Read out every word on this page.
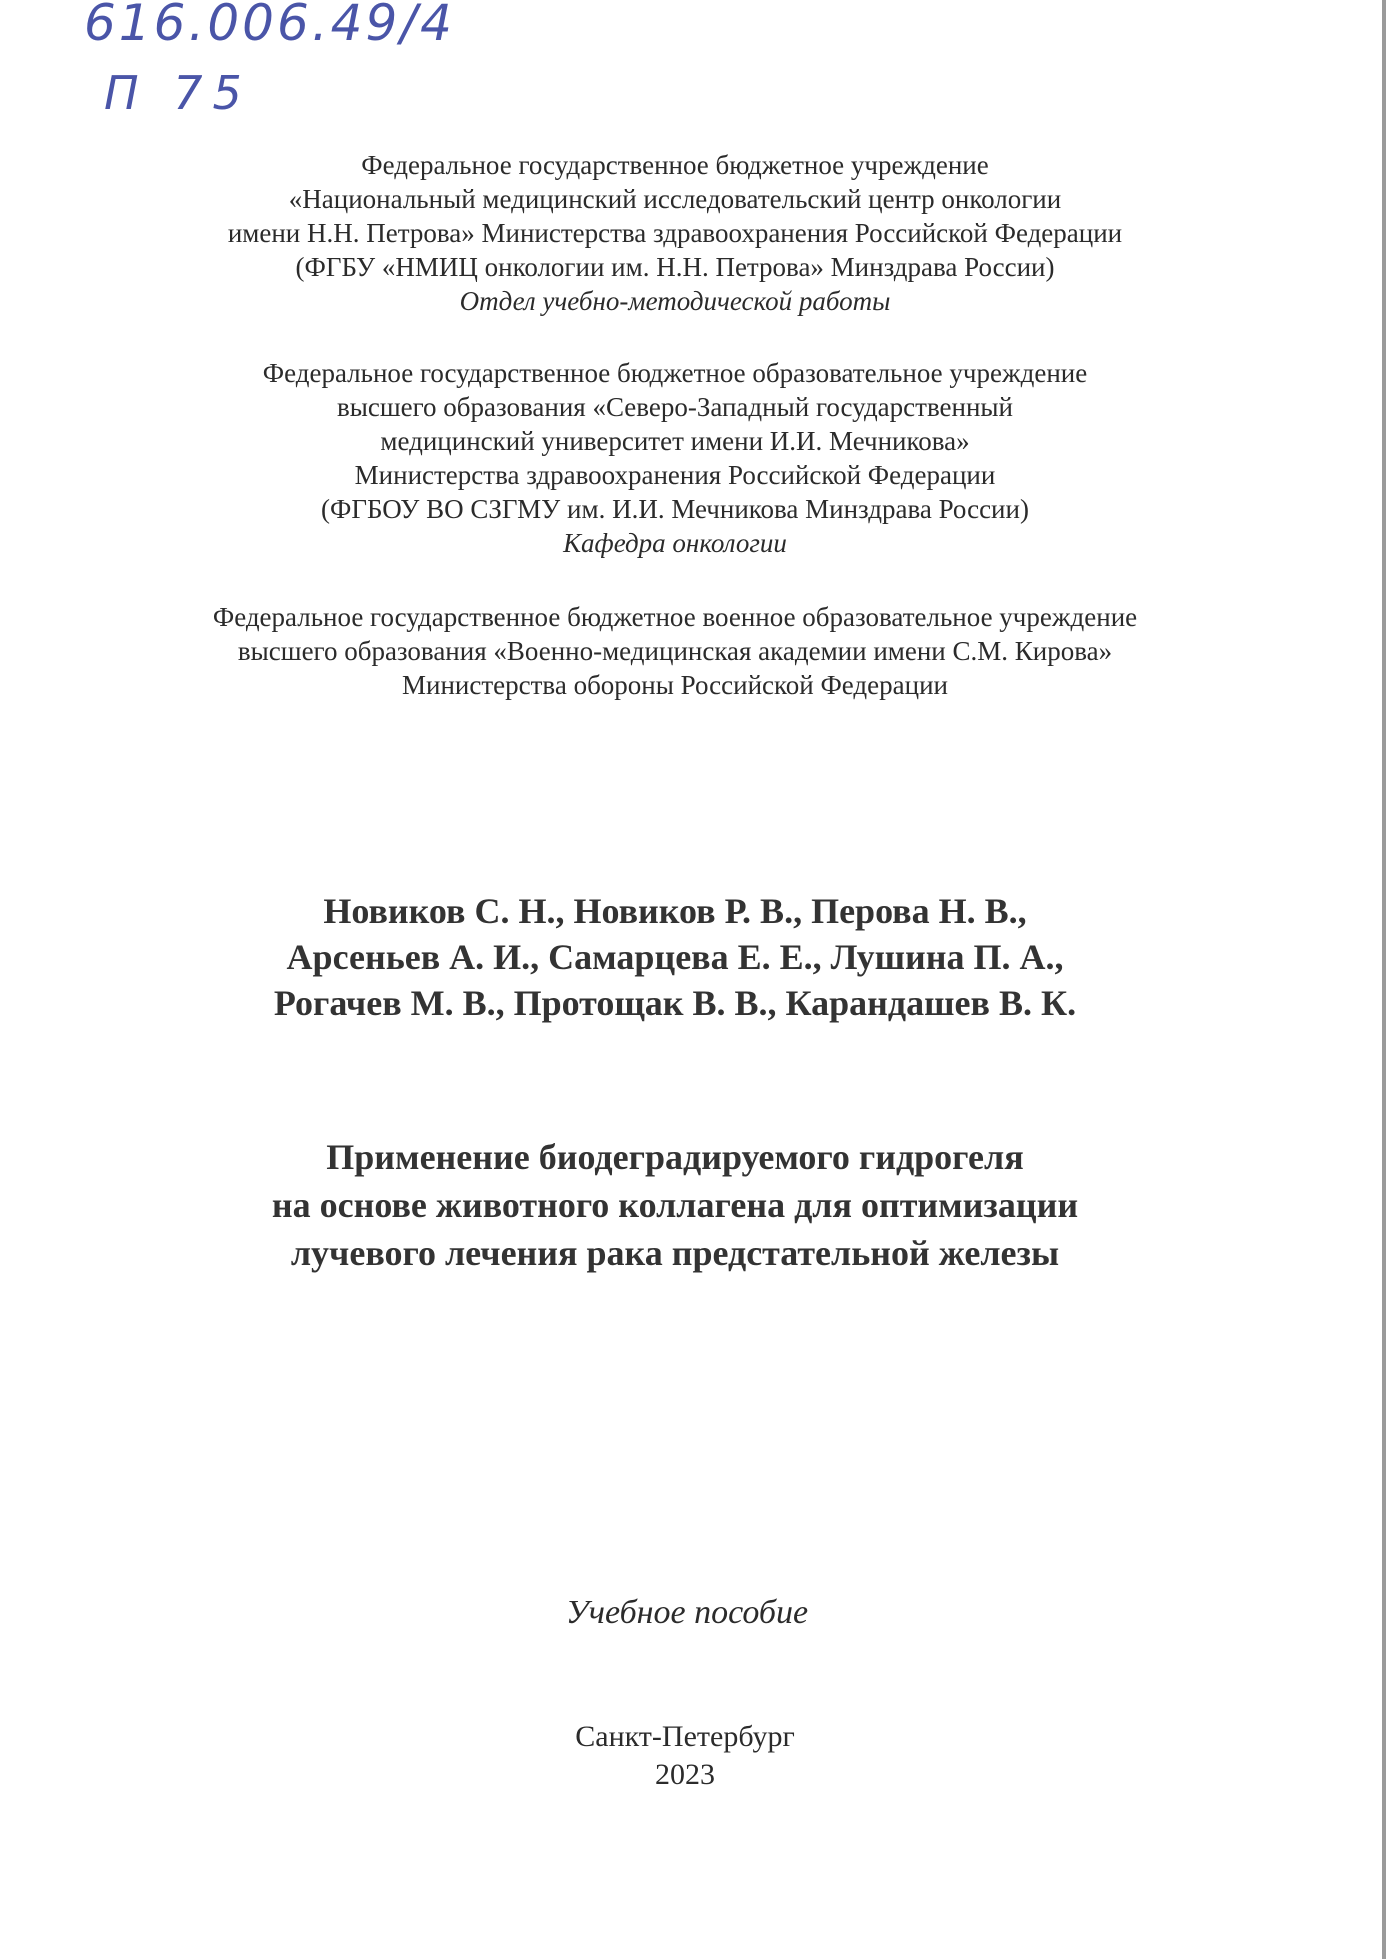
616.006.49/4
П 75
Федеральное государственное бюджетное учреждение
«Национальный медицинский исследовательский центр онкологии
имени Н.Н. Петрова» Министерства здравоохранения Российской Федерации
(ФГБУ «НМИЦ онкологии им. Н.Н. Петрова» Минздрава России)
Отдел учебно-методической работы
Федеральное государственное бюджетное образовательное учреждение
высшего образования «Северо-Западный государственный
медицинский университет имени И.И. Мечникова»
Министерства здравоохранения Российской Федерации
(ФГБОУ ВО СЗГМУ им. И.И. Мечникова Минздрава России)
Кафедра онкологии
Федеральное государственное бюджетное военное образовательное учреждение
высшего образования «Военно-медицинская академии имени С.М. Кирова»
Министерства обороны Российской Федерации
Новиков С. Н., Новиков Р. В., Перова Н. В.,
Арсеньев А. И., Самарцева Е. Е., Лушина П. А.,
Рогачев М. В., Протощак В. В., Карандашев В. К.
Применение биодеградируемого гидрогеля
на основе животного коллагена для оптимизации
лучевого лечения рака предстательной железы
Учебное пособие
Санкт-Петербург
2023
